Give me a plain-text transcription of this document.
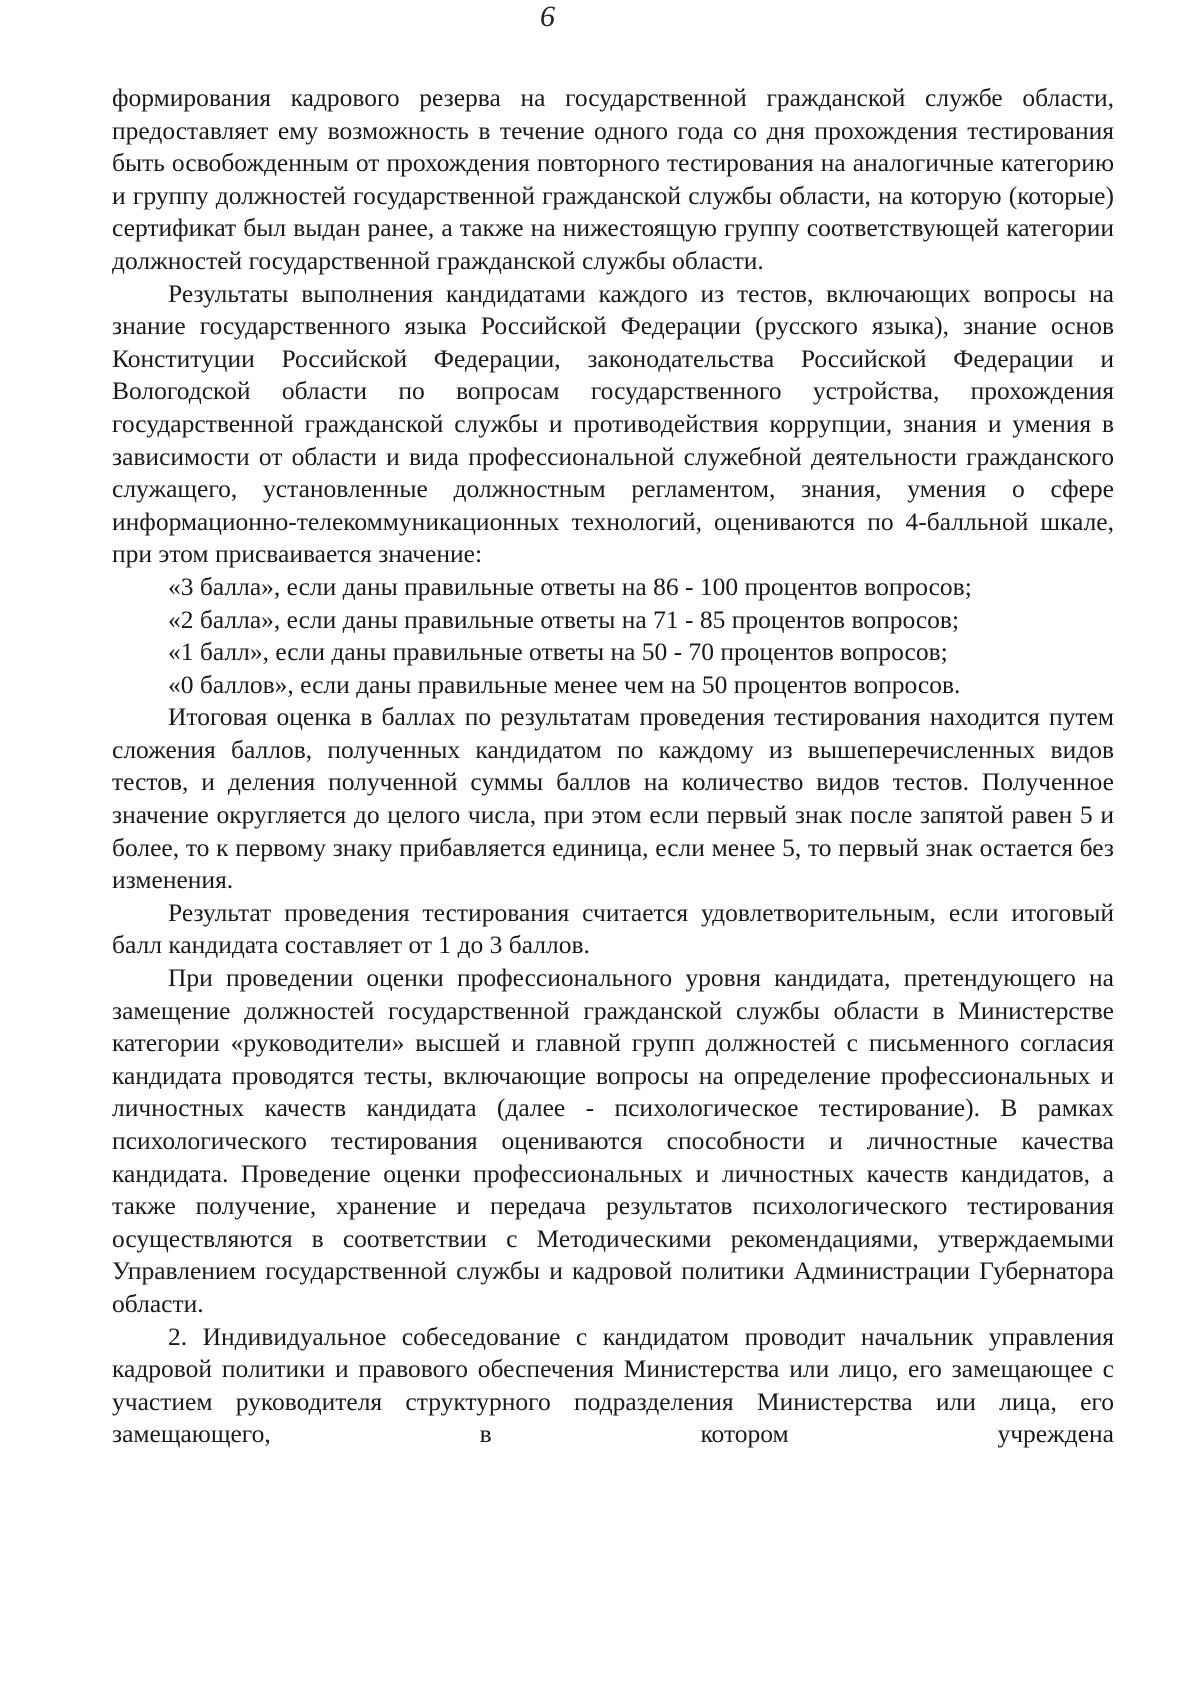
6

формирования кадрового резерва на государственной гражданской службе области, предоставляет ему возможность в течение одного года со дня прохождения тестирования быть освобожденным от прохождения повторного тестирования на аналогичные категорию и группу должностей государственной гражданской службы области, на которую (которые) сертификат был выдан ранее, а также на нижестоящую группу соответствующей категории должностей государственной гражданской службы области.

Результаты выполнения кандидатами каждого из тестов, включающих вопросы на знание государственного языка Российской Федерации (русского языка), знание основ Конституции Российской Федерации, законодательства Российской Федерации и Вологодской области по вопросам государственного устройства, прохождения государственной гражданской службы и противодействия коррупции, знания и умения в зависимости от области и вида профессиональной служебной деятельности гражданского служащего, установленные должностным регламентом, знания, умения о сфере информационно-телекоммуникационных технологий, оцениваются по 4-балльной шкале, при этом присваивается значение:

«3 балла», если даны правильные ответы на 86 - 100 процентов вопросов;

«2 балла», если даны правильные ответы на 71 - 85 процентов вопросов;

«1 балл», если даны правильные ответы на 50 - 70 процентов вопросов;

«0 баллов», если даны правильные менее чем на 50 процентов вопросов.

Итоговая оценка в баллах по результатам проведения тестирования находится путем сложения баллов, полученных кандидатом по каждому из вышеперечисленных видов тестов, и деления полученной суммы баллов на количество видов тестов. Полученное значение округляется до целого числа, при этом если первый знак после запятой равен 5 и более, то к первому знаку прибавляется единица, если менее 5, то первый знак остается без изменения.

Результат проведения тестирования считается удовлетворительным, если итоговый балл кандидата составляет от 1 до 3 баллов.

При проведении оценки профессионального уровня кандидата, претендующего на замещение должностей государственной гражданской службы области в Министерстве категории «руководители» высшей и главной групп должностей с письменного согласия кандидата проводятся тесты, включающие вопросы на определение профессиональных и личностных качеств кандидата (далее - психологическое тестирование). В рамках психологического тестирования оцениваются способности и личностные качества кандидата. Проведение оценки профессиональных и личностных качеств кандидатов, а также получение, хранение и передача результатов психологического тестирования осуществляются в соответствии с Методическими рекомендациями, утверждаемыми Управлением государственной службы и кадровой политики Администрации Губернатора области.

2. Индивидуальное собеседование с кандидатом проводит начальник управления кадровой политики и правового обеспечения Министерства или лицо, его замещающее с участием руководителя структурного подразделения Министерства или лица, его замещающего, в котором учреждена
